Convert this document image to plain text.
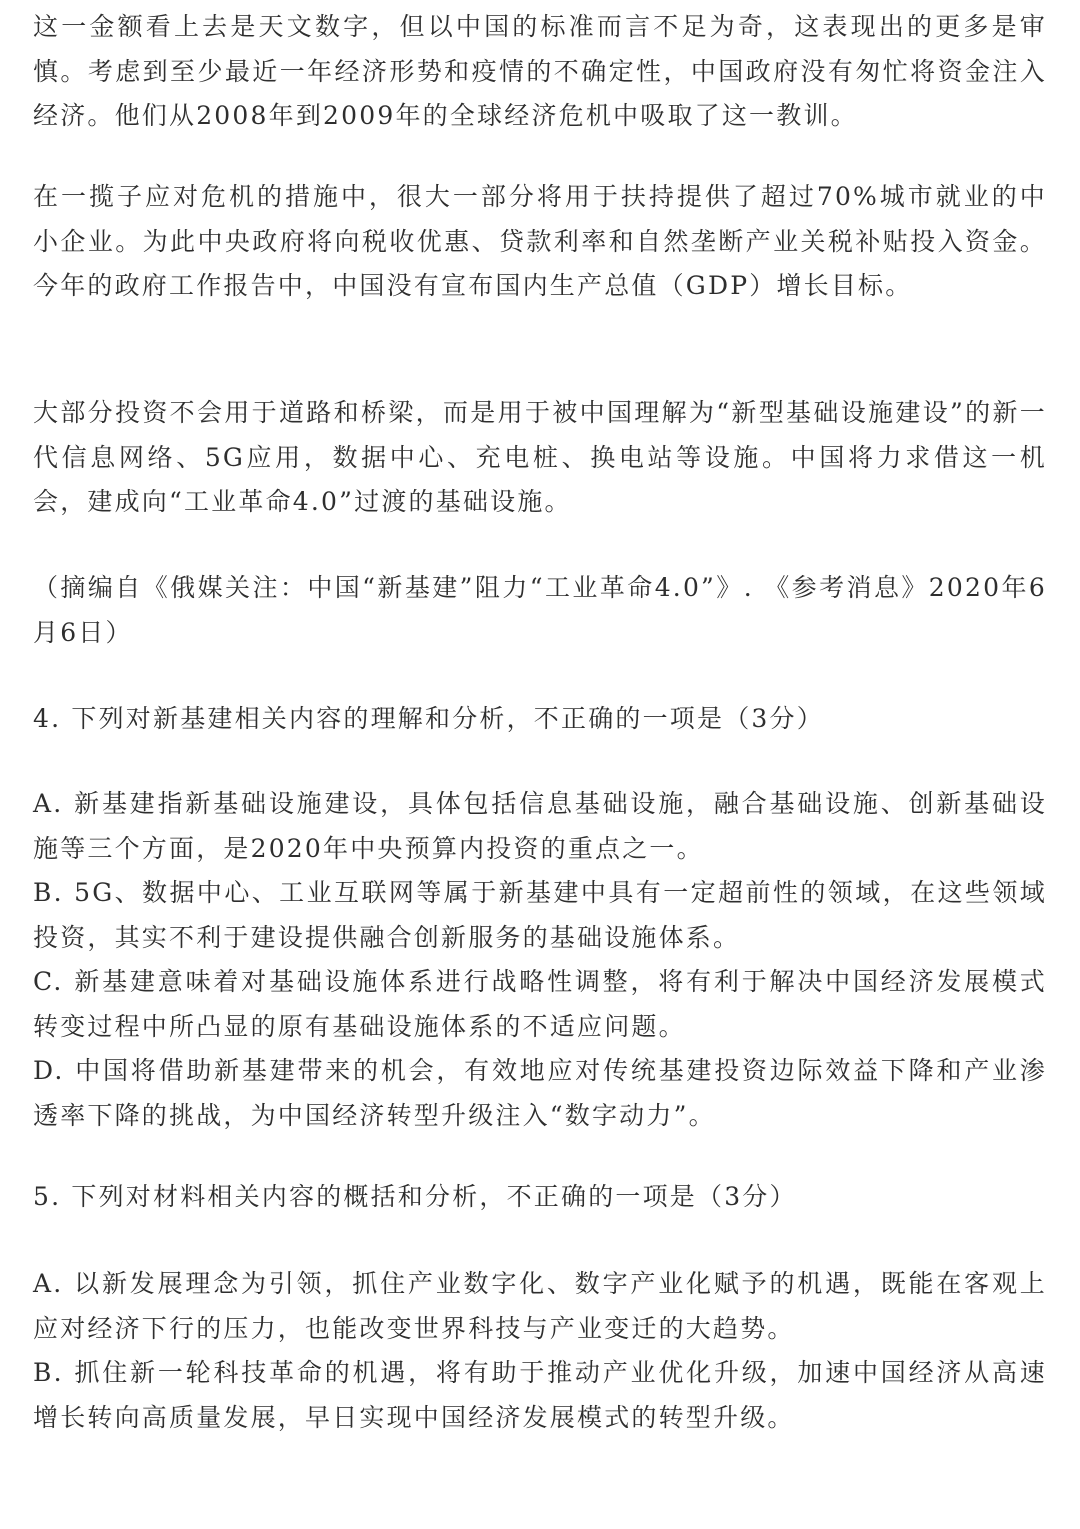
这一金额看上去是天文数字，但以中国的标准而言不足为奇，这表现出的更多是审慎。考虑到至少最近一年经济形势和疫情的不确定性，中国政府没有匆忙将资金注入经济。他们从2008年到2009年的全球经济危机中吸取了这一教训。

在一揽子应对危机的措施中，很大一部分将用于扶持提供了超过70%城市就业的中小企业。为此中央政府将向税收优惠、贷款利率和自然垄断产业关税补贴投入资金。今年的政府工作报告中，中国没有宣布国内生产总值（GDP）增长目标。

大部分投资不会用于道路和桥梁，而是用于被中国理解为“新型基础设施建设”的新一代信息网络、5G应用，数据中心、充电桩、换电站等设施。中国将力求借这一机会，建成向“工业革命4.0”过渡的基础设施。

（摘编自《俄媒关注：中国“新基建”阻力“工业革命4.0”》. 《参考消息》2020年6月6日）

4. 下列对新基建相关内容的理解和分析，不正确的一项是（3分）

A. 新基建指新基础设施建设，具体包括信息基础设施，融合基础设施、创新基础设施等三个方面，是2020年中央预算内投资的重点之一。
B. 5G、数据中心、工业互联网等属于新基建中具有一定超前性的领域，在这些领域投资，其实不利于建设提供融合创新服务的基础设施体系。
C. 新基建意味着对基础设施体系进行战略性调整，将有利于解决中国经济发展模式转变过程中所凸显的原有基础设施体系的不适应问题。
D. 中国将借助新基建带来的机会，有效地应对传统基建投资边际效益下降和产业渗透率下降的挑战，为中国经济转型升级注入“数字动力”。

5. 下列对材料相关内容的概括和分析，不正确的一项是（3分）

A. 以新发展理念为引领，抓住产业数字化、数字产业化赋予的机遇，既能在客观上应对经济下行的压力，也能改变世界科技与产业变迁的大趋势。
B. 抓住新一轮科技革命的机遇，将有助于推动产业优化升级，加速中国经济从高速增长转向高质量发展，早日实现中国经济发展模式的转型升级。
